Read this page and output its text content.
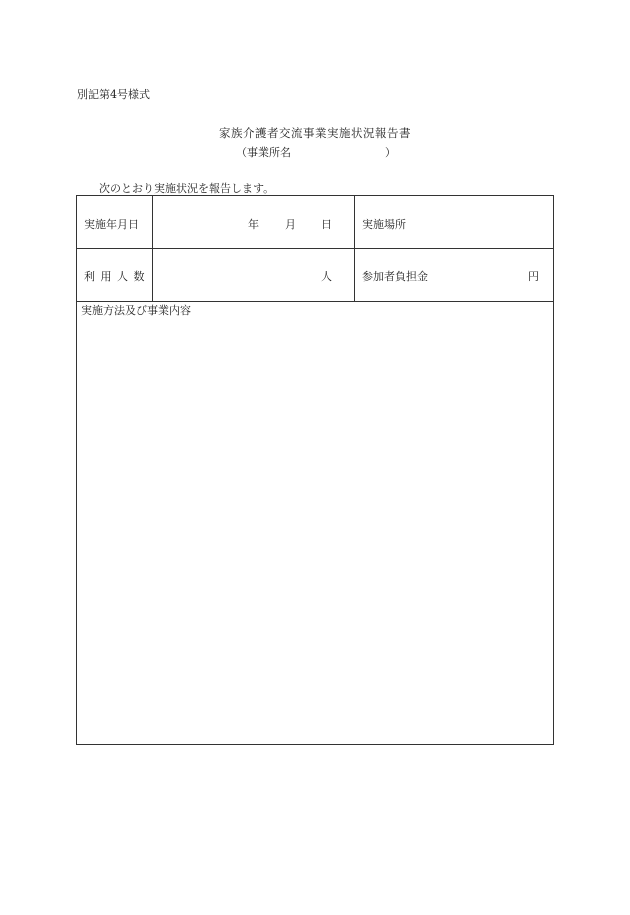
別記第4号様式
家族介護者交流事業実施状況報告書
（事業所名	）
次のとおり実施状況を報告します。
実施年月日	年 月 日	実施場所
利 用 人 数	人	参加者負担金	円
実施方法及び事業内容
